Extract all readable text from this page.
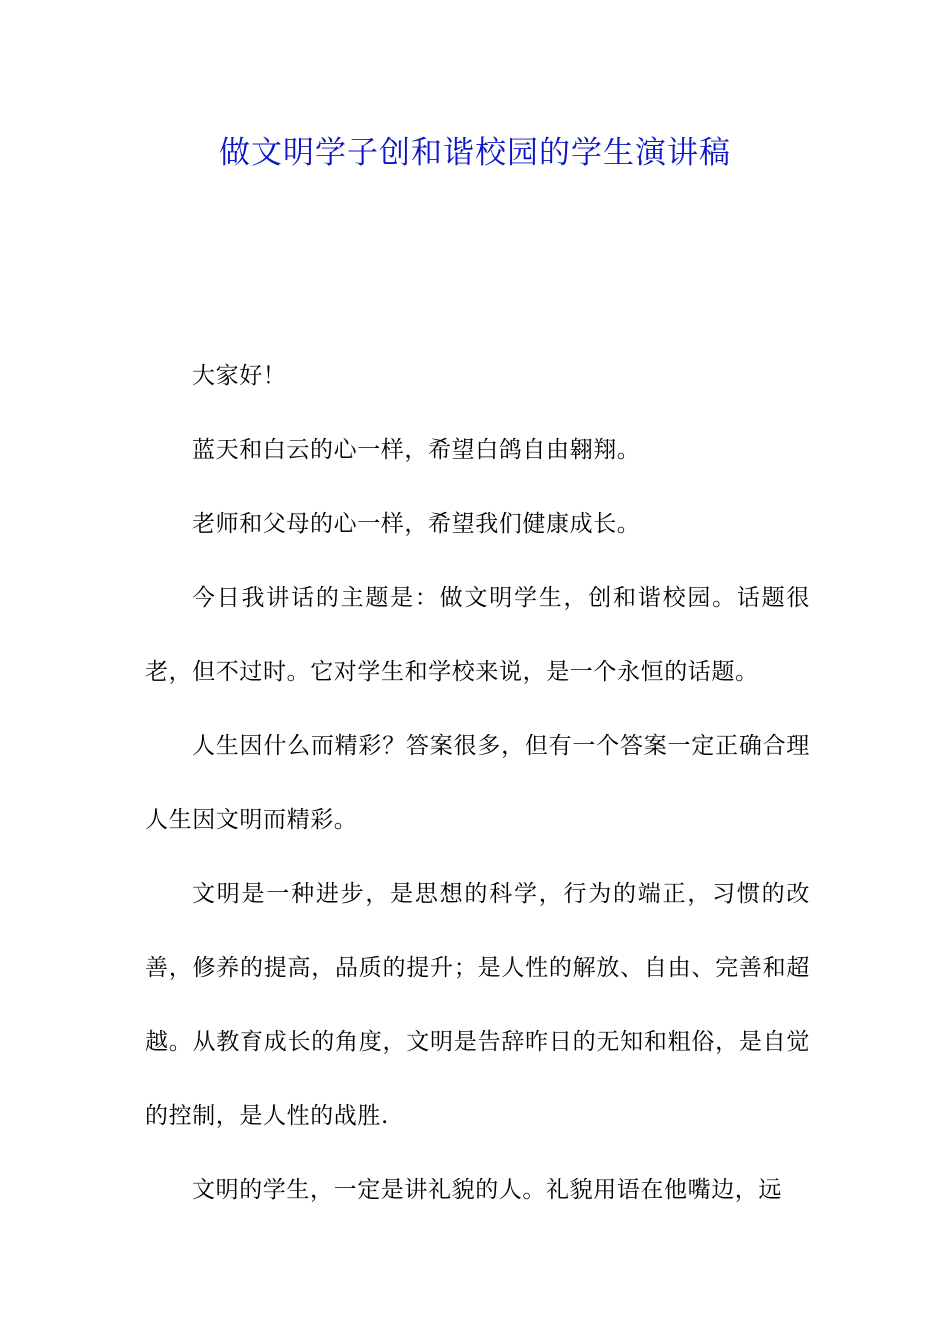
做文明学子创和谐校园的学生演讲稿

大家好！

蓝天和白云的心一样，希望白鸽自由翱翔。

老师和父母的心一样，希望我们健康成长。

今日我讲话的主题是：做文明学生，创和谐校园。话题很老，但不过时。它对学生和学校来说，是一个永恒的话题。

人生因什么而精彩？答案很多，但有一个答案一定正确合理人生因文明而精彩。

文明是一种进步，是思想的科学，行为的端正，习惯的改善，修养的提高，品质的提升；是人性的解放、自由、完善和超越。从教育成长的角度，文明是告辞昨日的无知和粗俗，是自觉的控制，是人性的战胜.

文明的学生，一定是讲礼貌的人。礼貌用语在他嘴边，远
